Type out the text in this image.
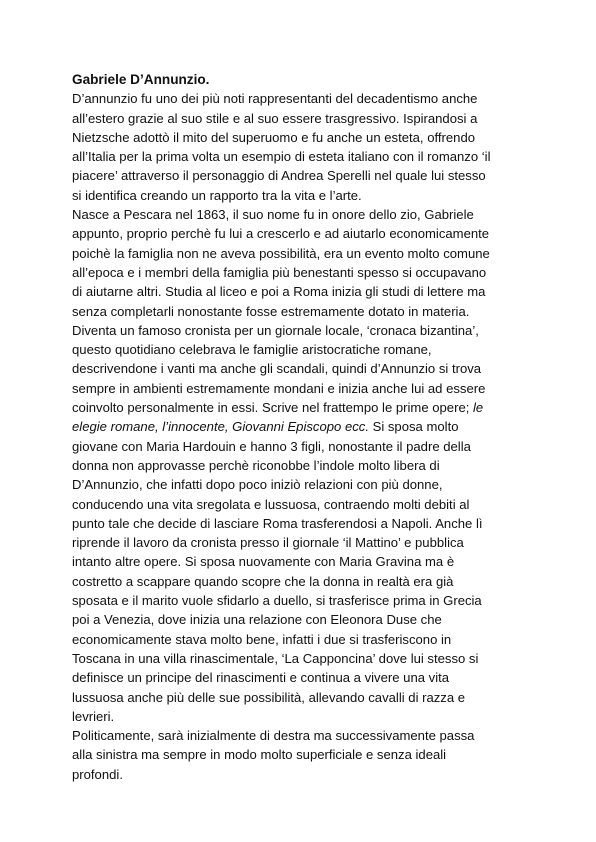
Gabriele D’Annunzio.
D’annunzio fu uno dei più noti rappresentanti del decadentismo anche
all’estero grazie al suo stile e al suo essere trasgressivo. Ispirandosi a
Nietzsche adottò il mito del superuomo e fu anche un esteta, offrendo
all’Italia per la prima volta un esempio di esteta italiano con il romanzo ‘il
piacere’ attraverso il personaggio di Andrea Sperelli nel quale lui stesso
si identifica creando un rapporto tra la vita e l’arte.
Nasce a Pescara nel 1863, il suo nome fu in onore dello zio, Gabriele
appunto, proprio perchè fu lui a crescerlo e ad aiutarlo economicamente
poichè la famiglia non ne aveva possibilità, era un evento molto comune
all’epoca e i membri della famiglia più benestanti spesso si occupavano
di aiutarne altri. Studia al liceo e poi a Roma inizia gli studi di lettere ma
senza completarli nonostante fosse estremamente dotato in materia.
Diventa un famoso cronista per un giornale locale, ‘cronaca bizantina’,
questo quotidiano celebrava le famiglie aristocratiche romane,
descrivendone i vanti ma anche gli scandali, quindi d’Annunzio si trova
sempre in ambienti estremamente mondani e inizia anche lui ad essere
coinvolto personalmente in essi. Scrive nel frattempo le prime opere; le
elegie romane, l’innocente, Giovanni Episcopo ecc. Si sposa molto
giovane con Maria Hardouin e hanno 3 figli, nonostante il padre della
donna non approvasse perchè riconobbe l’indole molto libera di
D’Annunzio, che infatti dopo poco iniziò relazioni con più donne,
conducendo una vita sregolata e lussuosa, contraendo molti debiti al
punto tale che decide di lasciare Roma trasferendosi a Napoli. Anche lì
riprende il lavoro da cronista presso il giornale ‘il Mattino’ e pubblica
intanto altre opere. Si sposa nuovamente con Maria Gravina ma è
costretto a scappare quando scopre che la donna in realtà era già
sposata e il marito vuole sfidarlo a duello, si trasferisce prima in Grecia
poi a Venezia, dove inizia una relazione con Eleonora Duse che
economicamente stava molto bene, infatti i due si trasferiscono in
Toscana in una villa rinascimentale, ‘La Capponcina’ dove lui stesso si
definisce un principe del rinascimenti e continua a vivere una vita
lussuosa anche più delle sue possibilità, allevando cavalli di razza e
levrieri.
Politicamente, sarà inizialmente di destra ma successivamente passa
alla sinistra ma sempre in modo molto superficiale e senza ideali
profondi.
